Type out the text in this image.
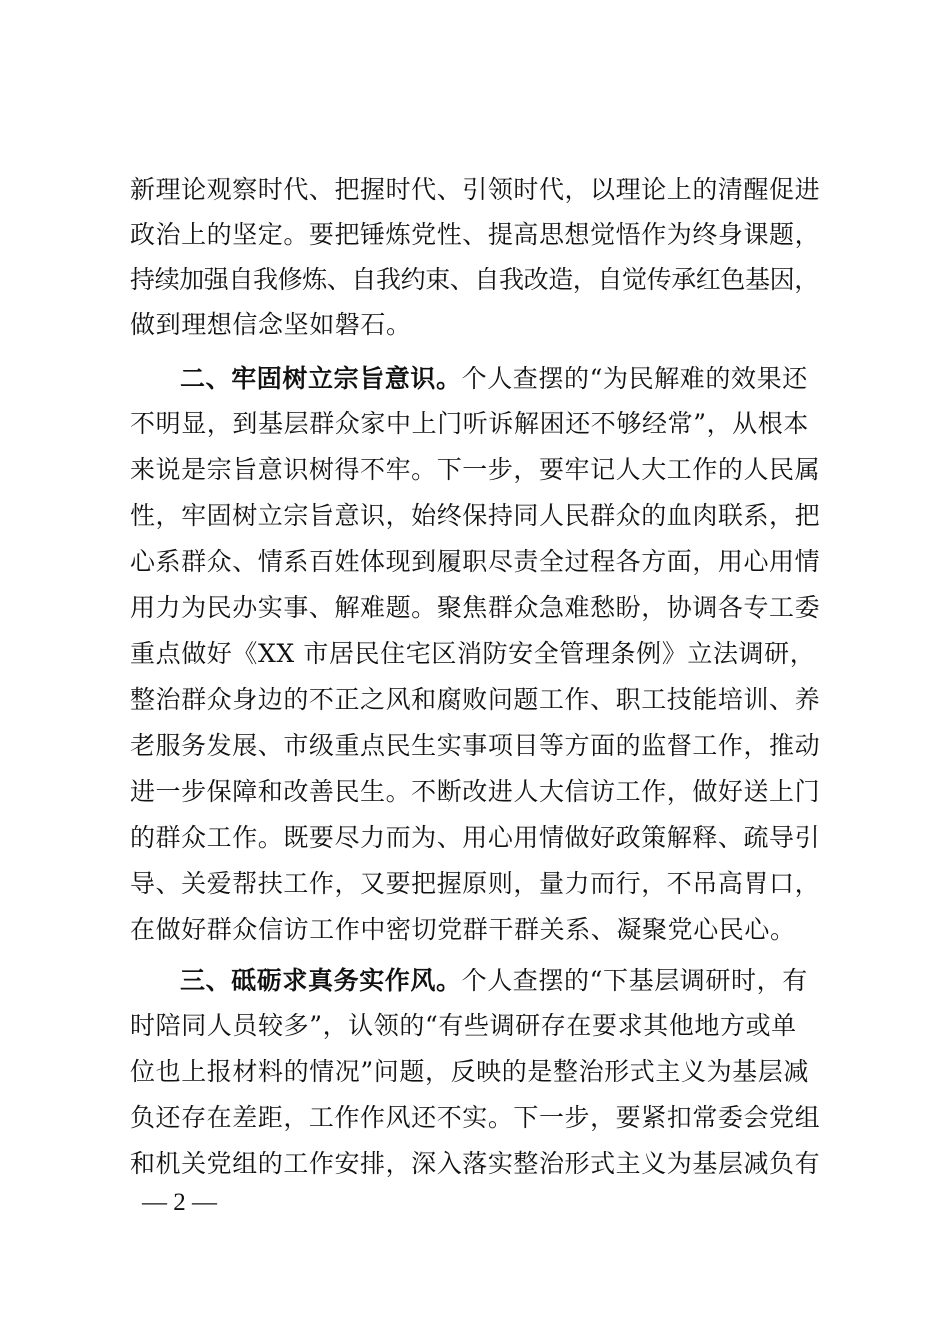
新理论观察时代、把握时代、引领时代，以理论上的清醒促进
政治上的坚定。要把锤炼党性、提高思想觉悟作为终身课题，
持续加强自我修炼、自我约束、自我改造，自觉传承红色基因，
做到理想信念坚如磐石。
二、牢固树立宗旨意识。个人查摆的“为民解难的效果还
不明显，到基层群众家中上门听诉解困还不够经常”，从根本
来说是宗旨意识树得不牢。下一步，要牢记人大工作的人民属
性，牢固树立宗旨意识，始终保持同人民群众的血肉联系，把
心系群众、情系百姓体现到履职尽责全过程各方面，用心用情
用力为民办实事、解难题。聚焦群众急难愁盼，协调各专工委
重点做好《XX 市居民住宅区消防安全管理条例》立法调研，
整治群众身边的不正之风和腐败问题工作、职工技能培训、养
老服务发展、市级重点民生实事项目等方面的监督工作，推动
进一步保障和改善民生。不断改进人大信访工作，做好送上门
的群众工作。既要尽力而为、用心用情做好政策解释、疏导引
导、关爱帮扶工作，又要把握原则，量力而行，不吊高胃口，
在做好群众信访工作中密切党群干群关系、凝聚党心民心。
三、砥砺求真务实作风。个人查摆的“下基层调研时，有
时陪同人员较多”，认领的“有些调研存在要求其他地方或单
位也上报材料的情况”问题，反映的是整治形式主义为基层减
负还存在差距，工作作风还不实。下一步，要紧扣常委会党组
和机关党组的工作安排，深入落实整治形式主义为基层减负有
— 2 —
